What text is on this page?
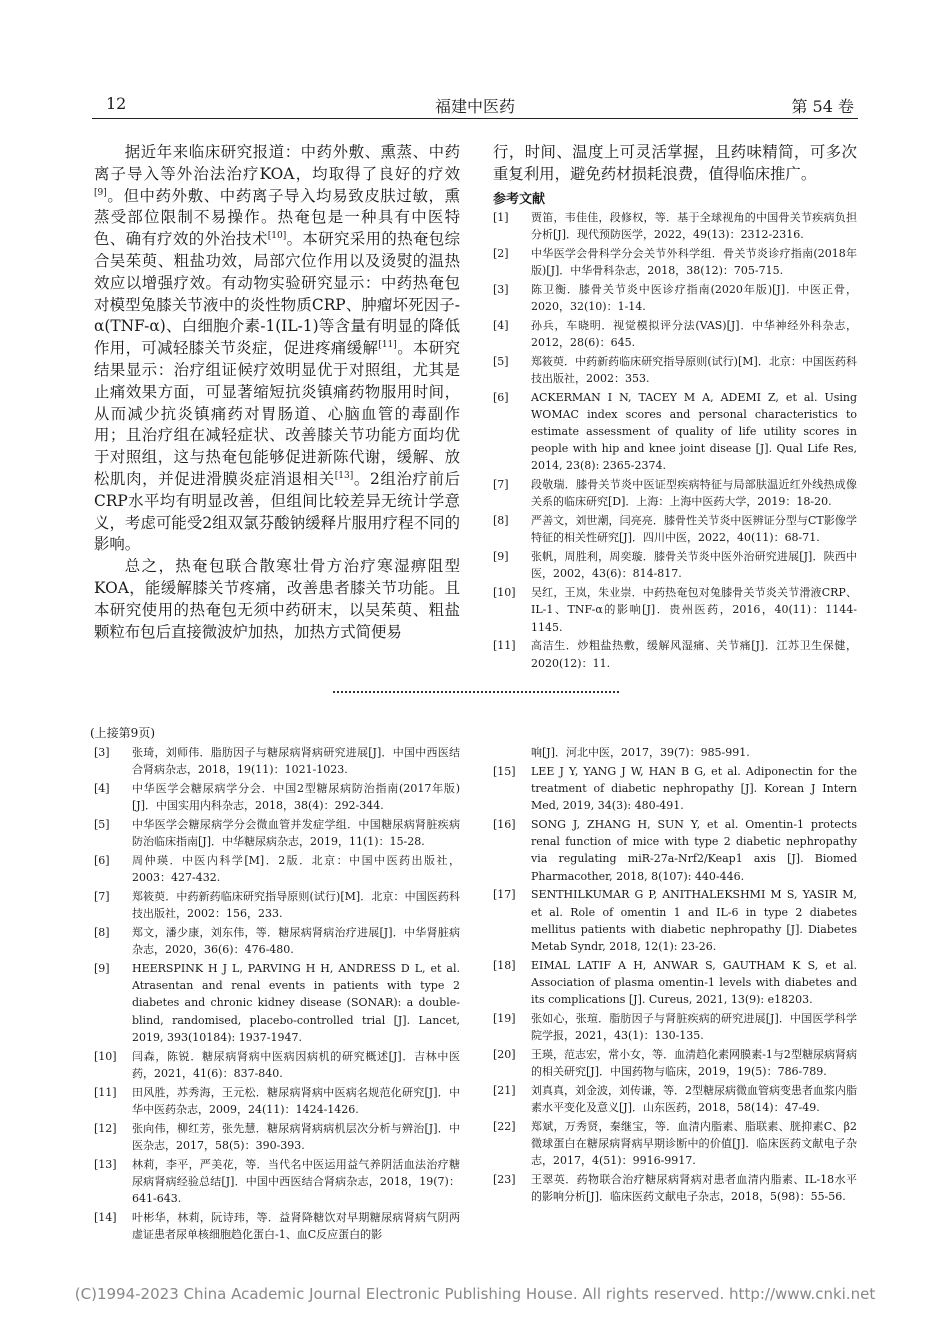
12	福建中医药	第 54 卷

据近年来临床研究报道：中药外敷、熏蒸、中药离子导入等外治法治疗KOA，均取得了良好的疗效[9]。但中药外敷、中药离子导入均易致皮肤过敏，熏蒸受部位限制不易操作。热奄包是一种具有中医特色、确有疗效的外治技术[10]。本研究采用的热奄包综合吴茱萸、粗盐功效，局部穴位作用以及烫熨的温热效应以增强疗效。有动物实验研究显示：中药热奄包对模型兔膝关节液中的炎性物质CRP、肿瘤坏死因子-α(TNF-α)、白细胞介素-1(IL-1)等含量有明显的降低作用，可减轻膝关节炎症，促进疼痛缓解[11]。本研究结果显示：治疗组证候疗效明显优于对照组，尤其是止痛效果方面，可显著缩短抗炎镇痛药物服用时间，从而减少抗炎镇痛药对胃肠道、心脑血管的毒副作用；且治疗组在减轻症状、改善膝关节功能方面均优于对照组，这与热奄包能够促进新陈代谢，缓解、放松肌肉，并促进滑膜炎症消退相关[13]。2组治疗前后CRP水平均有明显改善，但组间比较差异无统计学意义，考虑可能受2组双氯芬酸钠缓释片服用疗程不同的影响。

总之，热奄包联合散寒壮骨方治疗寒湿痹阻型KOA，能缓解膝关节疼痛，改善患者膝关节功能。且本研究使用的热奄包无须中药研末，以吴茱萸、粗盐颗粒布包后直接微波炉加热，加热方式简便易

行，时间、温度上可灵活掌握，且药味精简，可多次重复利用，避免药材损耗浪费，值得临床推广。
参考文献
[1]	贾笛，韦佳佳，段修权，等．基于全球视角的中国骨关节疾病负担分析[J]．现代预防医学，2022，49(13)：2312-2316.
[2]	中华医学会骨科学分会关节外科学组．骨关节炎诊疗指南(2018年版)[J]．中华骨科杂志，2018，38(12)：705-715.
[3]	陈卫衡．膝骨关节炎中医诊疗指南(2020年版)[J]．中医正骨，2020，32(10)：1-14.
[4]	孙兵，车晓明．视觉模拟评分法(VAS)[J]．中华神经外科杂志，2012，28(6)：645.
[5]	郑筱萸．中药新药临床研究指导原则(试行)[M]．北京：中国医药科技出版社，2002：353.
[6]	ACKERMAN I N, TACEY M A, ADEMI Z, et al. Using WOMAC index scores and personal characteristics to estimate assessment of quality of life utility scores in people with hip and knee joint disease [J]. Qual Life Res, 2014, 23(8): 2365-2374.
[7]	段敬瑞．膝骨关节炎中医证型疾病特征与局部肤温近红外线热成像关系的临床研究[D]．上海：上海中医药大学，2019：18-20.
[8]	严善文，刘世潮，闫亮亮．膝骨性关节炎中医辨证分型与CT影像学特征的相关性研究[J]．四川中医，2022，40(11)：68-71.
[9]	张帆，周胜利，周奕璇．膝骨关节炎中医外治研究进展[J]．陕西中医，2002，43(6)：814-817.
[10]	吴红，王岚，朱业崇．中药热奄包对兔膝骨关节炎关节滑液CRP、IL-1、TNF-α的影响[J]．贵州医药，2016，40(11)：1144-1145.
[11]	高洁生．炒粗盐热敷，缓解风湿痛、关节痛[J]．江苏卫生保健，2020(12)：11.
(上接第9页)
[3]	张琦，刘师伟．脂肪因子与糖尿病肾病研究进展[J]．中国中西医结合肾病杂志，2018，19(11)：1021-1023.
[4]	中华医学会糖尿病学分会．中国2型糖尿病防治指南(2017年版)[J]．中国实用内科杂志，2018，38(4)：292-344.
[5]	中华医学会糖尿病学分会微血管并发症学组．中国糖尿病肾脏疾病防治临床指南[J]．中华糖尿病杂志，2019，11(1)：15-28.
[6]	周仲瑛．中医内科学[M]．2版．北京：中国中医药出版社，2003：427-432.
[7]	郑筱萸．中药新药临床研究指导原则(试行)[M]．北京：中国医药科技出版社，2002：156，233.
[8]	郑文，潘少康，刘东伟，等．糖尿病肾病治疗进展[J]．中华肾脏病杂志，2020，36(6)：476-480.
[9]	HEERSPINK H J L, PARVING H H, ANDRESS D L, et al. Atrasentan and renal events in patients with type 2 diabetes and chronic kidney disease (SONAR): a double-blind, randomised, placebo-controlled trial [J]. Lancet, 2019, 393(10184): 1937-1947.
[10]	闫森，陈锐．糖尿病肾病中医病因病机的研究概述[J]．吉林中医药，2021，41(6)：837-840.
[11]	田风胜，苏秀海，王元松．糖尿病肾病中医病名规范化研究[J]．中华中医药杂志，2009，24(11)：1424-1426.
[12]	张向伟，柳红芳，张先慧．糖尿病肾病病机层次分析与辨治[J]．中医杂志，2017，58(5)：390-393.
[13]	林莉，李平，严美花，等．当代名中医运用益气养阴活血法治疗糖尿病肾病经验总结[J]．中国中西医结合肾病杂志，2018，19(7)：641-643.
[14]	叶彬华，林莉，阮诗玮，等．益肾降糖饮对早期糖尿病肾病气阴两虚证患者尿单核细胞趋化蛋白-1、血C反应蛋白的影
响[J]．河北中医，2017，39(7)：985-991.
[15]	LEE J Y, YANG J W, HAN B G, et al. Adiponectin for the treatment of diabetic nephropathy [J]. Korean J Intern Med, 2019, 34(3): 480-491.
[16]	SONG J, ZHANG H, SUN Y, et al. Omentin-1 protects renal function of mice with type 2 diabetic nephropathy via regulating miR-27a-Nrf2/Keap1 axis [J]. Biomed Pharmacother, 2018, 8(107): 440-446.
[17]	SENTHILKUMAR G P, ANITHALEKSHMI M S, YASIR M, et al. Role of omentin 1 and IL-6 in type 2 diabetes mellitus patients with diabetic nephropathy [J]. Diabetes Metab Syndr, 2018, 12(1): 23-26.
[18]	EIMAL LATIF A H, ANWAR S, GAUTHAM K S, et al. Association of plasma omentin-1 levels with diabetes and its complications [J]. Cureus, 2021, 13(9): e18203.
[19]	张如心，张瑄．脂肪因子与肾脏疾病的研究进展[J]．中国医学科学院学报，2021，43(1)：130-135.
[20]	王瑛，范志宏，常小女，等．血清趋化素网膜素-1与2型糖尿病肾病的相关研究[J]．中国药物与临床，2019，19(5)：786-789.
[21]	刘真真，刘金波，刘传谦，等．2型糖尿病微血管病变患者血浆内脂素水平变化及意义[J]．山东医药，2018，58(14)：47-49.
[22]	郑斌，万秀贤，秦继宝，等．血清内脂素、脂联素、胱抑素C、β2微球蛋白在糖尿病肾病早期诊断中的价值[J]．临床医药文献电子杂志，2017，4(51)：9916-9917.
[23]	王翠英．药物联合治疗糖尿病肾病对患者血清内脂素、IL-18水平的影响分析[J]．临床医药文献电子杂志，2018，5(98)：55-56.
(C)1994-2023 China Academic Journal Electronic Publishing House. All rights reserved. http://www.cnki.net
